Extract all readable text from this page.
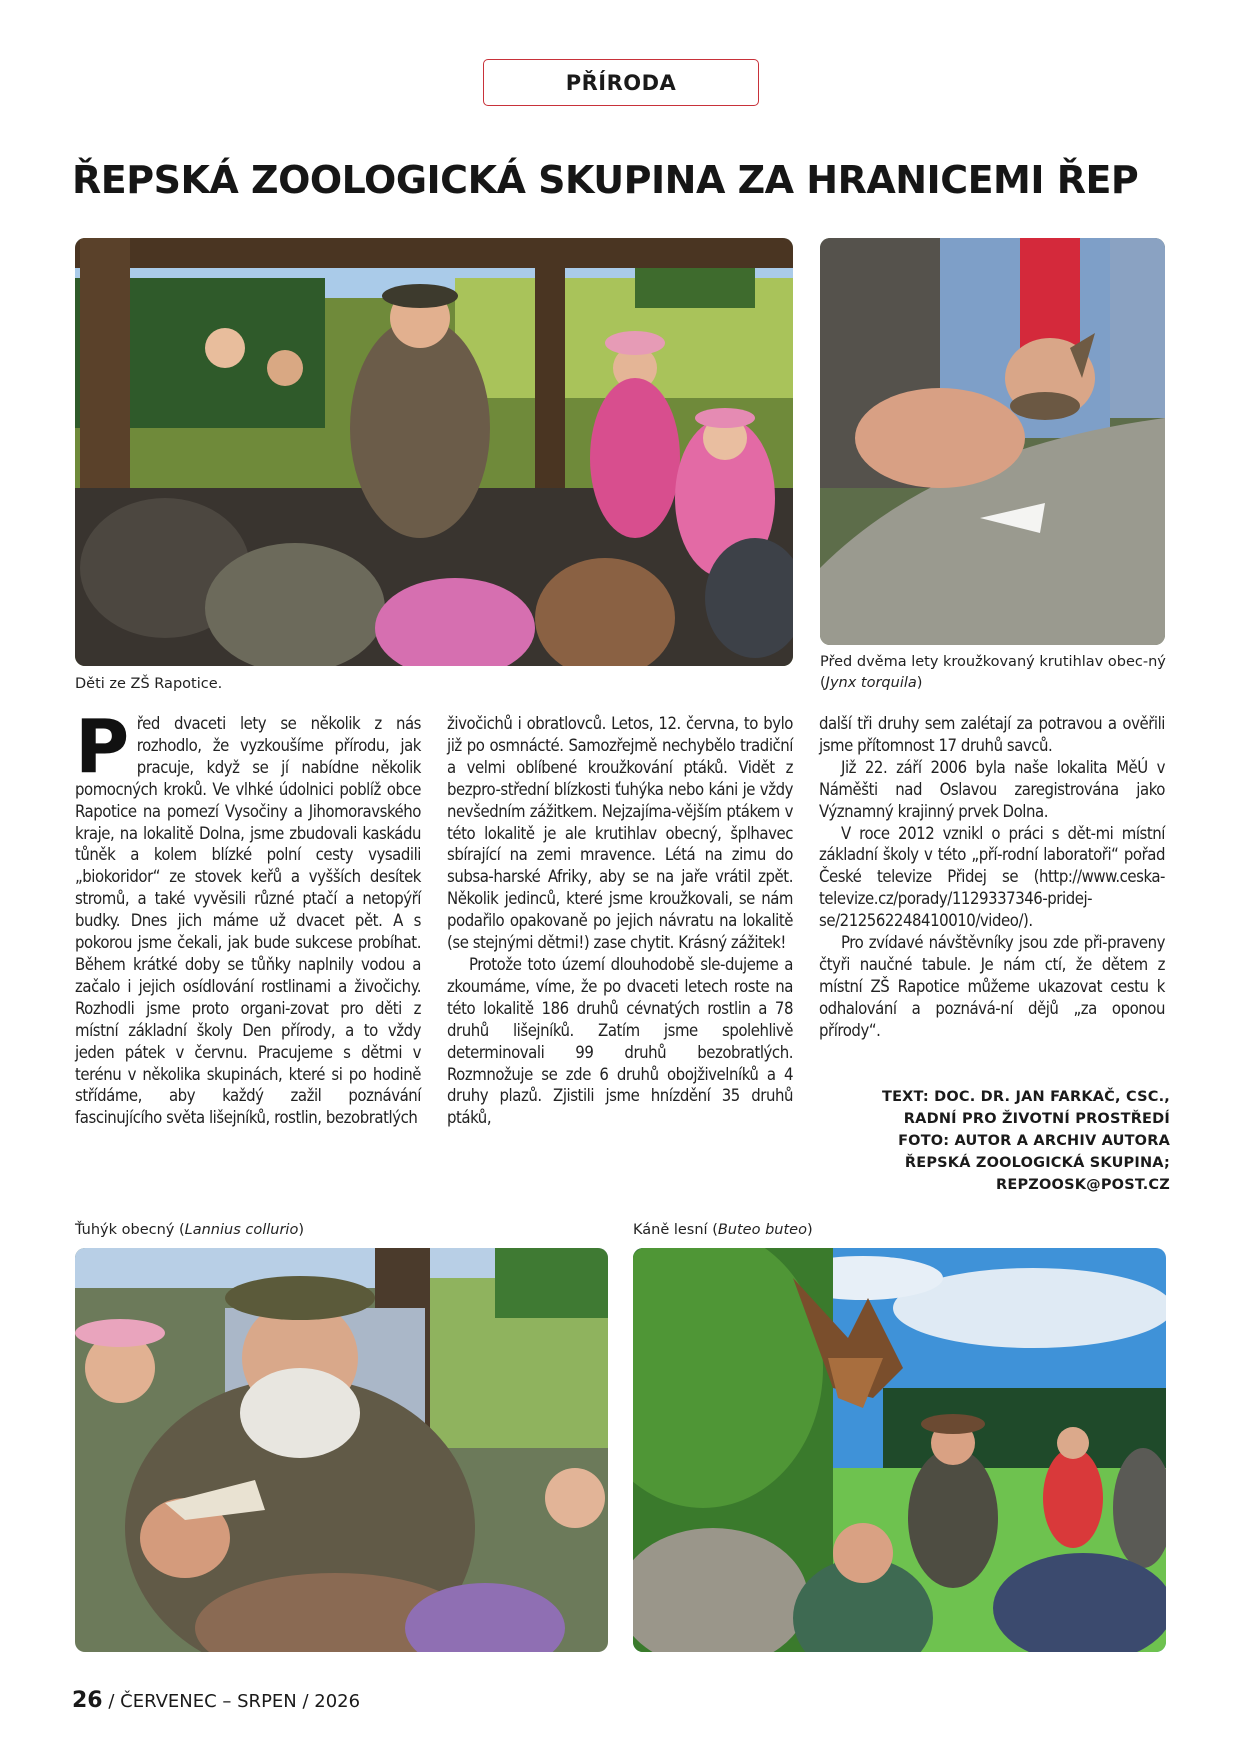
PŘÍRODA
ŘEPSKÁ ZOOLOGICKÁ SKUPINA ZA HRANICEMI ŘEP
Děti ze ZŠ Rapotice.
Před dvěma lety kroužkovaný krutihlav obec-ný (Jynx torquila)

Před dvaceti lety se několik z nás rozhodlo, že vyzkoušíme přírodu, jak pracuje, když se jí nabídne několik pomocných kroků. Ve vlhké údolnici poblíž obce Rapotice na pomezí Vysočiny a Jihomoravského kraje, na lokalitě Dolna, jsme zbudovali kaskádu tůněk a kolem blízké polní cesty vysadili „biokoridor“ ze stovek keřů a vyšších desítek stromů, a také vyvěsili různé ptačí a netopýří budky. Dnes jich máme už dvacet pět. A s pokorou jsme čekali, jak bude sukcese probíhat. Během krátké doby se tůňky naplnily vodou a začalo i jejich osídlování rostlinami a živočichy. Rozhodli jsme proto organi-zovat pro děti z místní základní školy Den přírody, a to vždy jeden pátek v červnu. Pracujeme s dětmi v terénu v několika skupinách, které si po hodině střídáme, aby každý zažil poznávání fascinujícího světa lišejníků, rostlin, bezobratlých

živočichů i obratlovců. Letos, 12. června, to bylo již po osmnácté. Samozřejmě nechybělo tradiční a velmi oblíbené kroužkování ptáků. Vidět z bezpro-střední blízkosti ťuhýka nebo káni je vždy nevšedním zážitkem. Nejzajíma-vějším ptákem v této lokalitě je ale krutihlav obecný, šplhavec sbírající na zemi mravence. Létá na zimu do subsa-harské Afriky, aby se na jaře vrátil zpět. Několik jedinců, které jsme kroužkovali, se nám podařilo opakovaně po jejich návratu na lokalitě (se stejnými dětmi!) zase chytit. Krásný zážitek!

Protože toto území dlouhodobě sle-dujeme a zkoumáme, víme, že po dvaceti letech roste na této lokalitě 186 druhů cévnatých rostlin a 78 druhů lišejníků. Zatím jsme spolehlivě determinovali 99 druhů bezobratlých. Rozmnožuje se zde 6 druhů obojživelníků a 4 druhy plazů. Zjistili jsme hnízdění 35 druhů ptáků,

další tři druhy sem zalétají za potravou a ověřili jsme přítomnost 17 druhů savců.

Již 22. září 2006 byla naše lokalita MěÚ v Náměšti nad Oslavou zaregistrována jako Významný krajinný prvek Dolna.

V roce 2012 vznikl o práci s dět-mi místní základní školy v této „pří-rodní laboratoři“ pořad České televize Přidej se (http://www.ceska-televize.cz/porady/1129337346-pridej-se/212562248410010/video/).

Pro zvídavé návštěvníky jsou zde při-praveny čtyři naučné tabule. Je nám ctí, že dětem z místní ZŠ Rapotice můžeme ukazovat cestu k odhalování a poznává-ní dějů „za oponou přírody“.

TEXT: DOC. DR. JAN FARKAČ, CSC.,
RADNÍ PRO ŽIVOTNÍ PROSTŘEDÍ
FOTO: AUTOR A ARCHIV AUTORA
ŘEPSKÁ ZOOLOGICKÁ SKUPINA;
REPZOOSK@POST.CZ
Ťuhýk obecný (Lannius collurio)	Káně lesní (Buteo buteo)
26 / ČERVENEC – SRPEN / 2026
